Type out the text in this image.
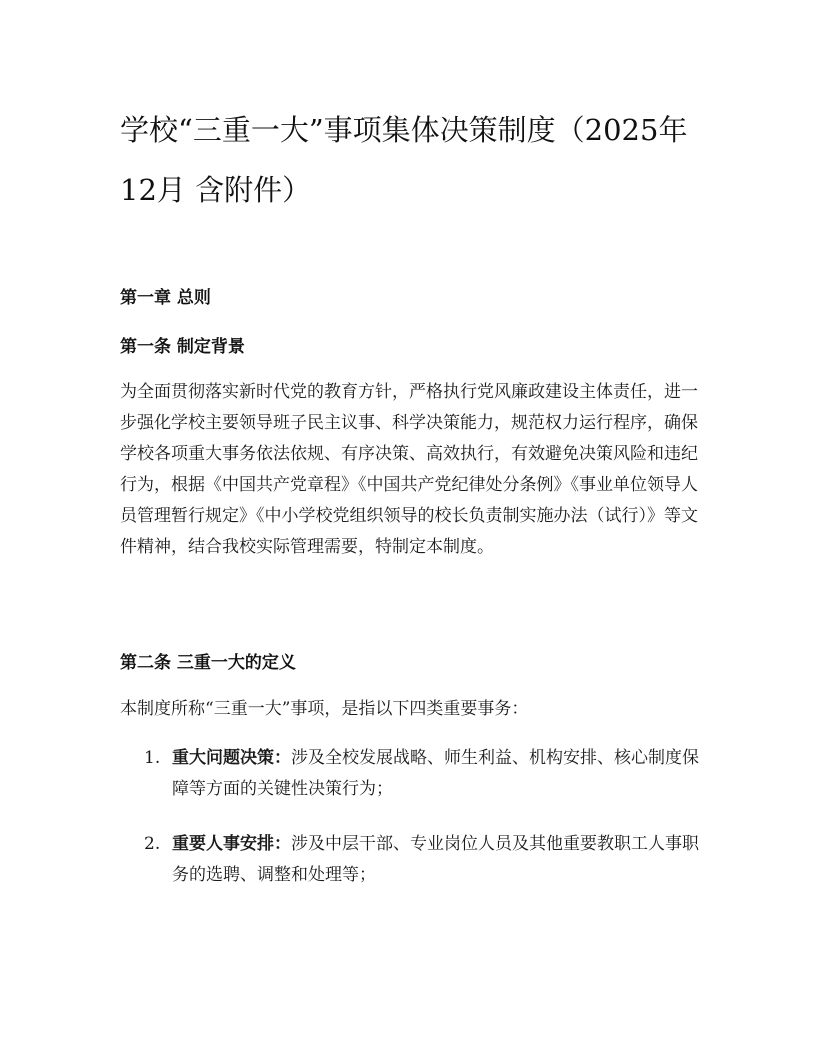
学校“三重一大”事项集体决策制度（2025年12月 含附件）
第一章 总则
第一条 制定背景

为全面贯彻落实新时代党的教育方针，严格执行党风廉政建设主体责任，进一步强化学校主要领导班子民主议事、科学决策能力，规范权力运行程序，确保学校各项重大事务依法依规、有序决策、高效执行，有效避免决策风险和违纪行为，根据《中国共产党章程》《中国共产党纪律处分条例》《事业单位领导人员管理暂行规定》《中小学校党组织领导的校长负责制实施办法（试行）》等文件精神，结合我校实际管理需要，特制定本制度。

第二条 三重一大的定义

本制度所称“三重一大”事项，是指以下四类重要事务：

1. 重大问题决策：涉及全校发展战略、师生利益、机构安排、核心制度保障等方面的关键性决策行为；
2. 重要人事安排：涉及中层干部、专业岗位人员及其他重要教职工人事职务的选聘、调整和处理等；
